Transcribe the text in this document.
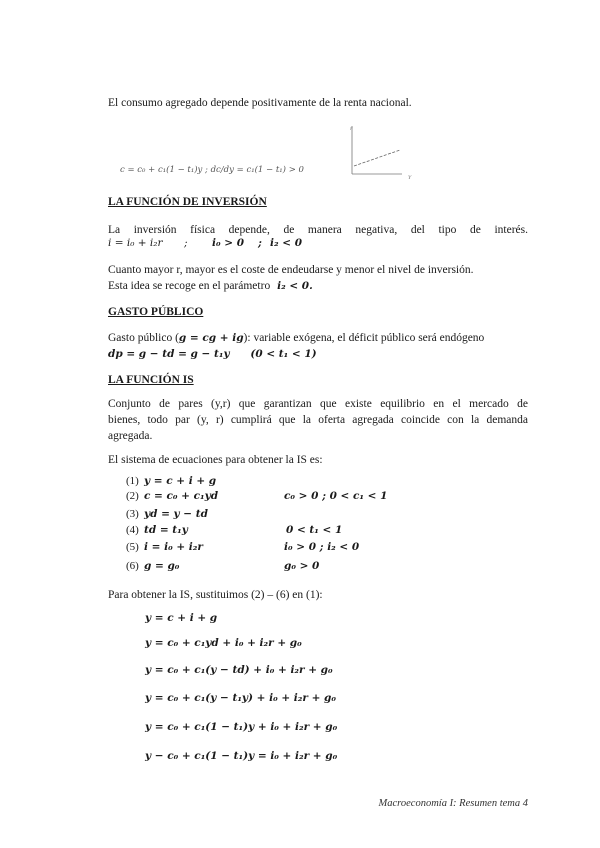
El consumo agregado depende positivamente de la renta nacional.
c = c₀ + c₁(1 − t₁)y ; dc/dy = c₁(1 − t₁) > 0
r
Y
LA FUNCIÓN DE INVERSIÓN
La inversión física depende, de manera negativa, del tipo de interés.
i = i₀ + i₂r ; i₀ > 0 ; i₂ < 0
Cuanto mayor r, mayor es el coste de endeudarse y menor el nivel de inversión.
Esta idea se recoge en el parámetro i₂ < 0.
GASTO PÚBLICO
Gasto público (g = cg + ig): variable exógena, el déficit público será endógeno
dp = g − td = g − t₁y (0 < t₁ < 1)
LA FUNCIÓN IS
Conjunto de pares (y,r) que garantizan que existe equilibrio en el mercado de
bienes, todo par (y, r) cumplirá que la oferta agregada coincide con la demanda
agregada.
El sistema de ecuaciones para obtener la IS es:
(1) y = c + i + g
(2) c = c₀ + c₁yd	c₀ > 0 ; 0 < c₁ < 1
(3) yd = y − td
(4) td = t₁y	0 < t₁ < 1
(5) i = i₀ + i₂r	i₀ > 0 ; i₂ < 0
(6) g = g₀	g₀ > 0
Para obtener la IS, sustituimos (2) – (6) en (1):
y = c + i + g
y = c₀ + c₁yd + i₀ + i₂r + g₀
y = c₀ + c₁(y − td) + i₀ + i₂r + g₀
y = c₀ + c₁(y − t₁y) + i₀ + i₂r + g₀
y = c₀ + c₁(1 − t₁)y + i₀ + i₂r + g₀
y − c₀ + c₁(1 − t₁)y = i₀ + i₂r + g₀
Macroeconomía I: Resumen tema 4
